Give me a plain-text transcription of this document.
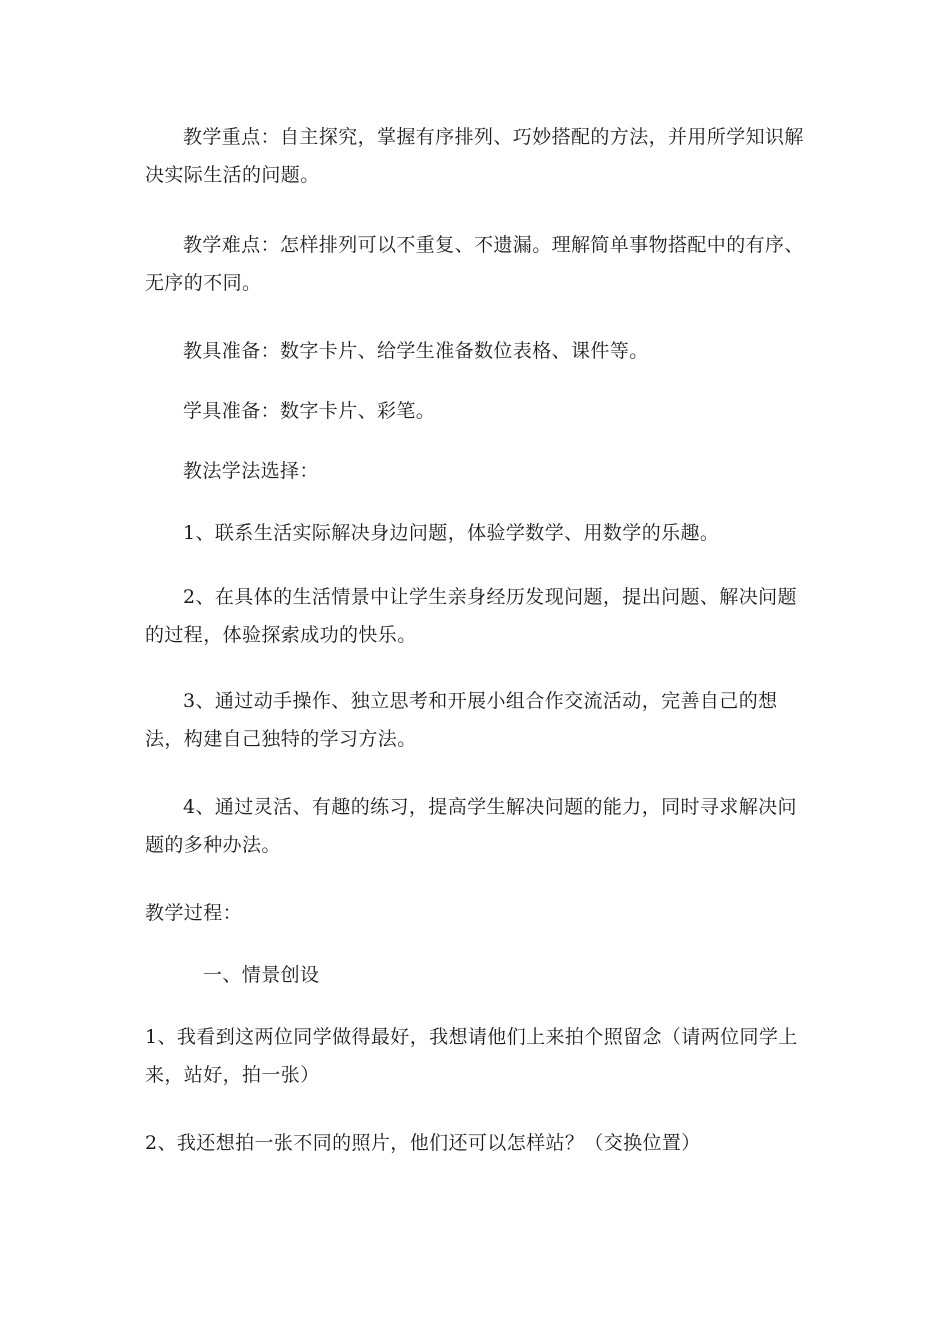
教学重点：自主探究，掌握有序排列、巧妙搭配的方法，并用所学知识解决实际生活的问题。

教学难点：怎样排列可以不重复、不遗漏。理解简单事物搭配中的有序、无序的不同。

教具准备：数字卡片、给学生准备数位表格、课件等。

学具准备：数字卡片、彩笔。

教法学法选择：

1、联系生活实际解决身边问题，体验学数学、用数学的乐趣。

2、在具体的生活情景中让学生亲身经历发现问题，提出问题、解决问题的过程，体验探索成功的快乐。

3、通过动手操作、独立思考和开展小组合作交流活动，完善自己的想法，构建自己独特的学习方法。

4、通过灵活、有趣的练习，提高学生解决问题的能力，同时寻求解决问题的多种办法。

教学过程：

一、情景创设

1、我看到这两位同学做得最好，我想请他们上来拍个照留念（请两位同学上来，站好，拍一张）

2、我还想拍一张不同的照片，他们还可以怎样站？（交换位置）
